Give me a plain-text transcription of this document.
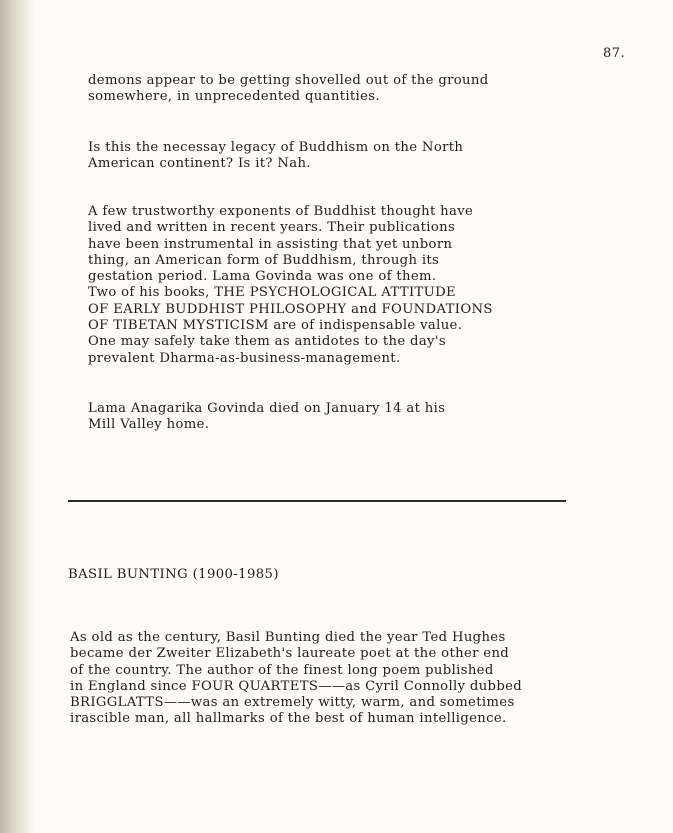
87.
demons appear to be getting shovelled out of the ground
somewhere, in unprecedented quantities.
Is this the necessay legacy of Buddhism on the North
American continent? Is it? Nah.
A few trustworthy exponents of Buddhist thought have
lived and written in recent years. Their publications
have been instrumental in assisting that yet unborn
thing, an American form of Buddhism, through its
gestation period. Lama Govinda was one of them.
Two of his books, THE PSYCHOLOGICAL ATTITUDE
OF EARLY BUDDHIST PHILOSOPHY and FOUNDATIONS
OF TIBETAN MYSTICISM are of indispensable value.
One may safely take them as antidotes to the day's
prevalent Dharma-as-business-management.
Lama Anagarika Govinda died on January 14 at his
Mill Valley home.
BASIL BUNTING (1900-1985)
As old as the century, Basil Bunting died the year Ted Hughes
became der Zweiter Elizabeth's laureate poet at the other end
of the country. The author of the finest long poem published
in England since FOUR QUARTETS——as Cyril Connolly dubbed
BRIGGLATTS——was an extremely witty, warm, and sometimes
irascible man, all hallmarks of the best of human intelligence.
